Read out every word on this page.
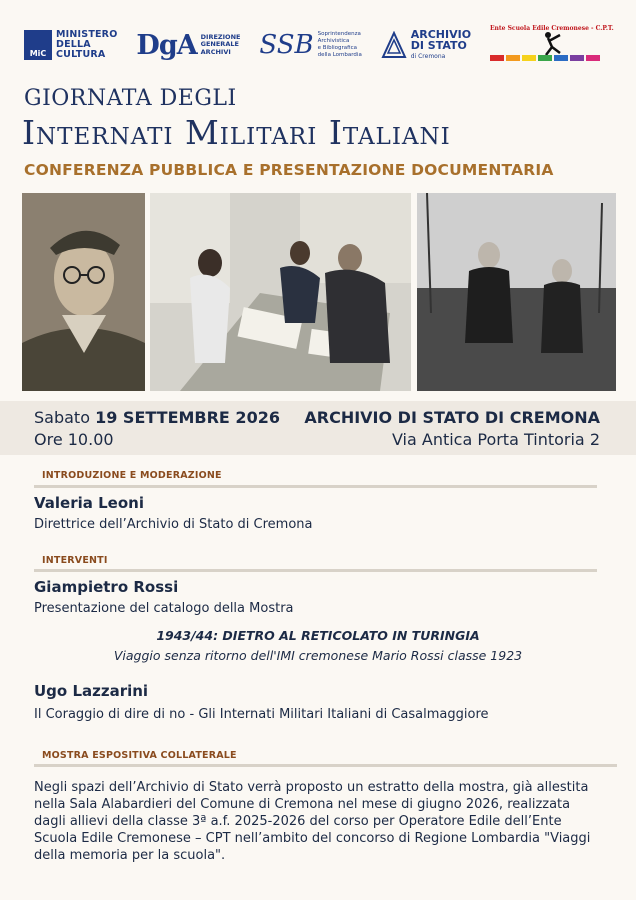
MiC
MINISTERO
DELLA
CULTURA	DgA DIREZIONE
GENERALE
ARCHIVI	SSB Soprintendenza
Archivistica
e Bibliografica
della Lombardia
ARCHIVIO
DI STATO
di Cremona
Ente Scuola Edile Cremonese - C.P.T.
GIORNATA DEGLI
Internati Militari Italiani

CONFERENZA PUBBLICA E PRESENTAZIONE DOCUMENTARIA

Sabato 19 SETTEMBRE 2026

Ore 10.00

ARCHIVIO DI STATO DI CREMONA

Via Antica Porta Tintoria 2

INTRODUZIONE E MODERAZIONE

Valeria Leoni

Direttrice dell’Archivio di Stato di Cremona

INTERVENTI

Giampietro Rossi

Presentazione del catalogo della Mostra

1943/44: DIETRO AL RETICOLATO IN TURINGIA

Viaggio senza ritorno dell'IMI cremonese Mario Rossi classe 1923

Ugo Lazzarini

Il Coraggio di dire di no - Gli Internati Militari Italiani di Casalmaggiore

MOSTRA ESPOSITIVA COLLATERALE

Negli spazi dell’Archivio di Stato verrà proposto un estratto della mostra, già allestita nella Sala Alabardieri del Comune di Cremona nel mese di giugno 2026, realizzata dagli allievi della classe 3ª a.f. 2025-2026 del corso per Operatore Edile dell’Ente Scuola Edile Cremonese – CPT nell’ambito del concorso di Regione Lombardia "Viaggi della memoria per la scuola".
